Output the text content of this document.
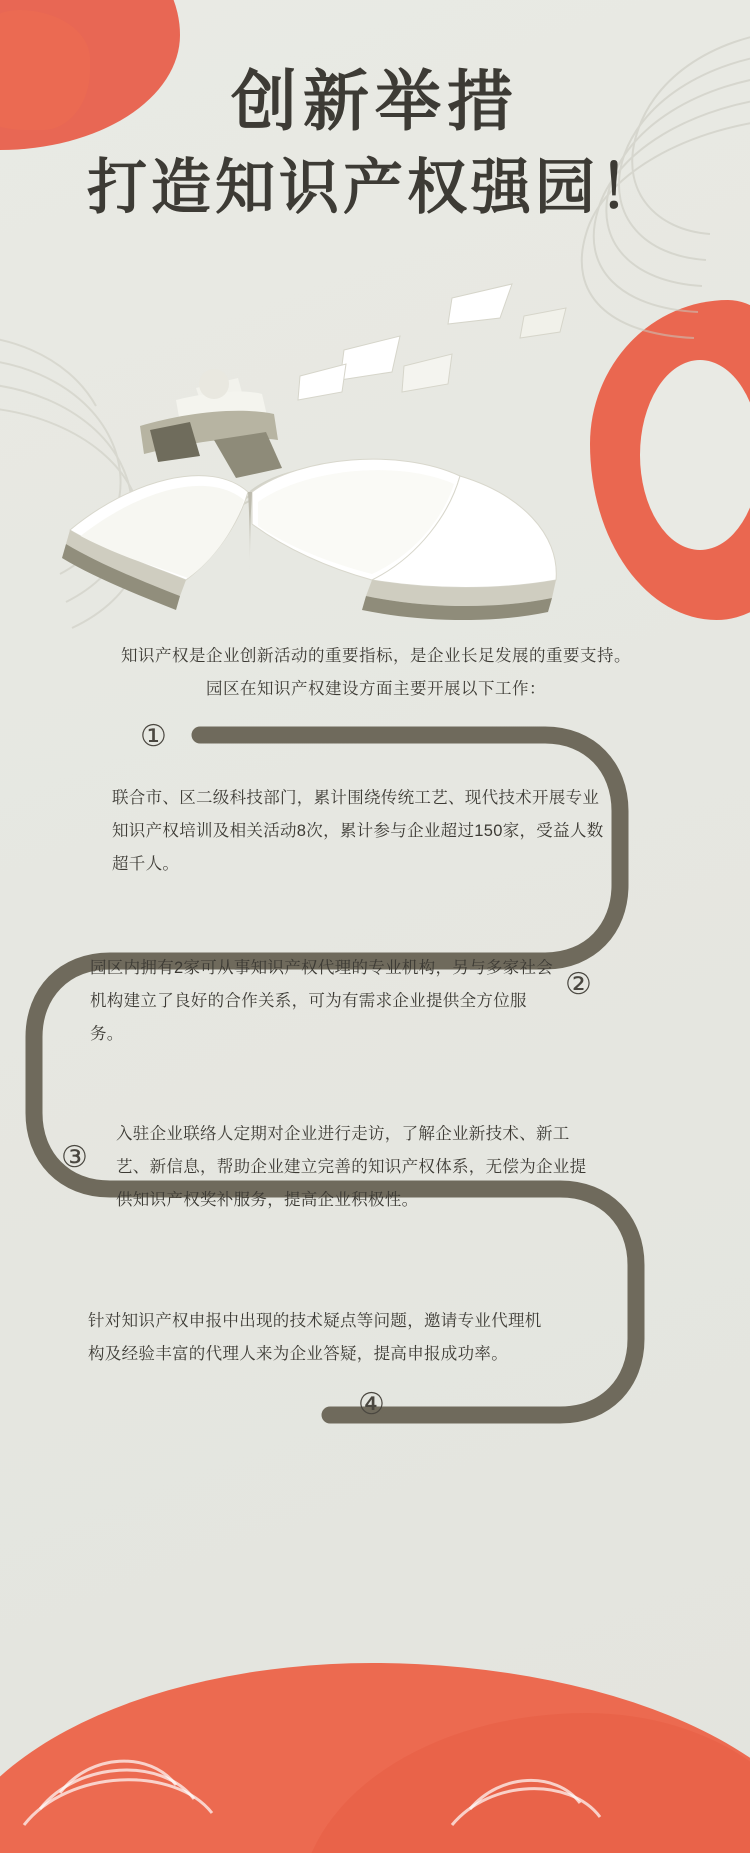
创新举措
打造知识产权强园！
知识产权是企业创新活动的重要指标，是企业长足发展的重要支持。
园区在知识产权建设方面主要开展以下工作：
①
②
③
④
联合市、区二级科技部门，累计围绕传统工艺、现代技术开展专业知识产权培训及相关活动8次，累计参与企业超过150家，受益人数超千人。
园区内拥有2家可从事知识产权代理的专业机构，另与多家社会机构建立了良好的合作关系，可为有需求企业提供全方位服务。
入驻企业联络人定期对企业进行走访，了解企业新技术、新工艺、新信息，帮助企业建立完善的知识产权体系，无偿为企业提供知识产权奖补服务，提高企业积极性。
针对知识产权申报中出现的技术疑点等问题，邀请专业代理机构及经验丰富的代理人来为企业答疑，提高申报成功率。
